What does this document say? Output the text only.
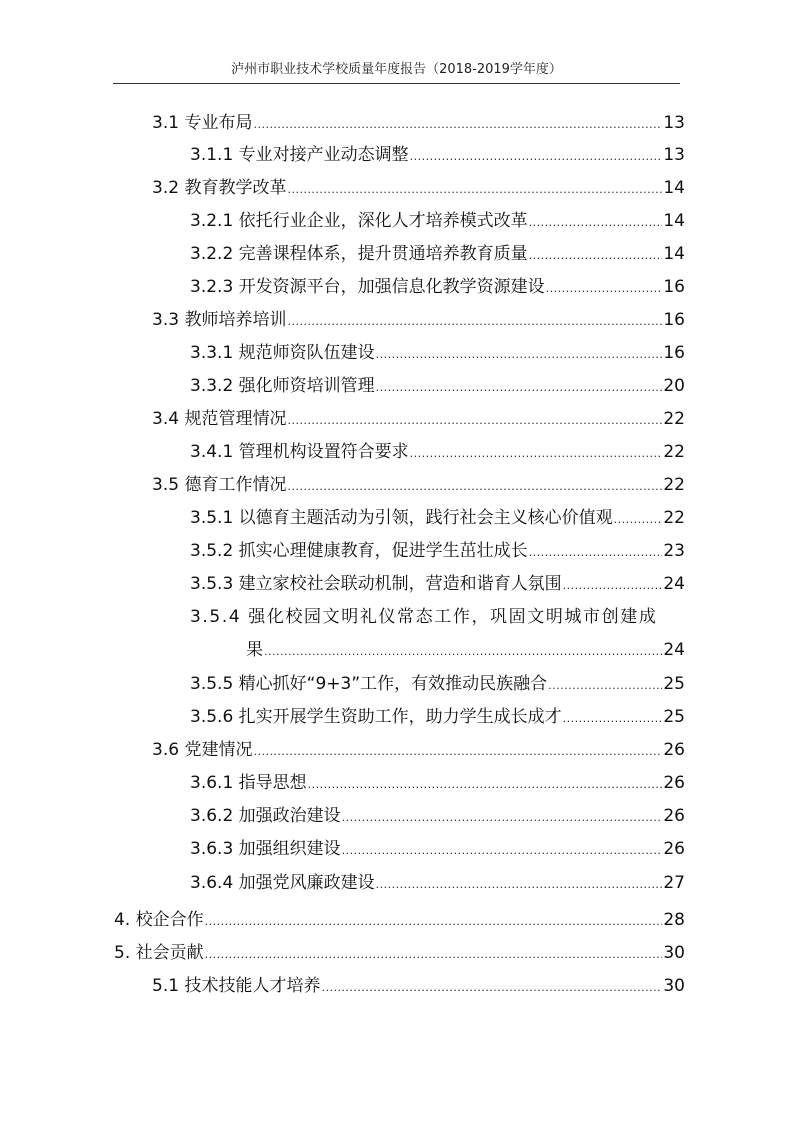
泸州市职业技术学校质量年度报告（2018-2019学年度）
3.1 专业布局 .....	13
3.1.1 专业对接产业动态调整 .....	13
3.2 教育教学改革 .....	14
3.2.1 依托行业企业，深化人才培养模式改革 .....	14
3.2.2 完善课程体系，提升贯通培养教育质量 .....	14
3.2.3 开发资源平台，加强信息化教学资源建设 .....	16
3.3 教师培养培训 .....	16
3.3.1 规范师资队伍建设 .....	16
3.3.2 强化师资培训管理 .....	20
3.4 规范管理情况 .....	22
3.4.1 管理机构设置符合要求 .....	22
3.5 德育工作情况 .....	22
3.5.1 以德育主题活动为引领，践行社会主义核心价值观 .....	22
3.5.2 抓实心理健康教育，促进学生茁壮成长 .....	23
3.5.3 建立家校社会联动机制，营造和谐育人氛围 .....	24
3.5.4 强化校园文明礼仪常态工作，巩固文明城市创建成
果 .....	24
3.5.5 精心抓好“9+3”工作，有效推动民族融合 .....	25
3.5.6 扎实开展学生资助工作，助力学生成长成才 .....	25
3.6 党建情况 .....	26
3.6.1 指导思想 .....	26
3.6.2 加强政治建设 .....	26
3.6.3 加强组织建设 .....	26
3.6.4 加强党风廉政建设 .....	27
4. 校企合作 .....	28
5. 社会贡献 .....	30
5.1 技术技能人才培养 .....	30
